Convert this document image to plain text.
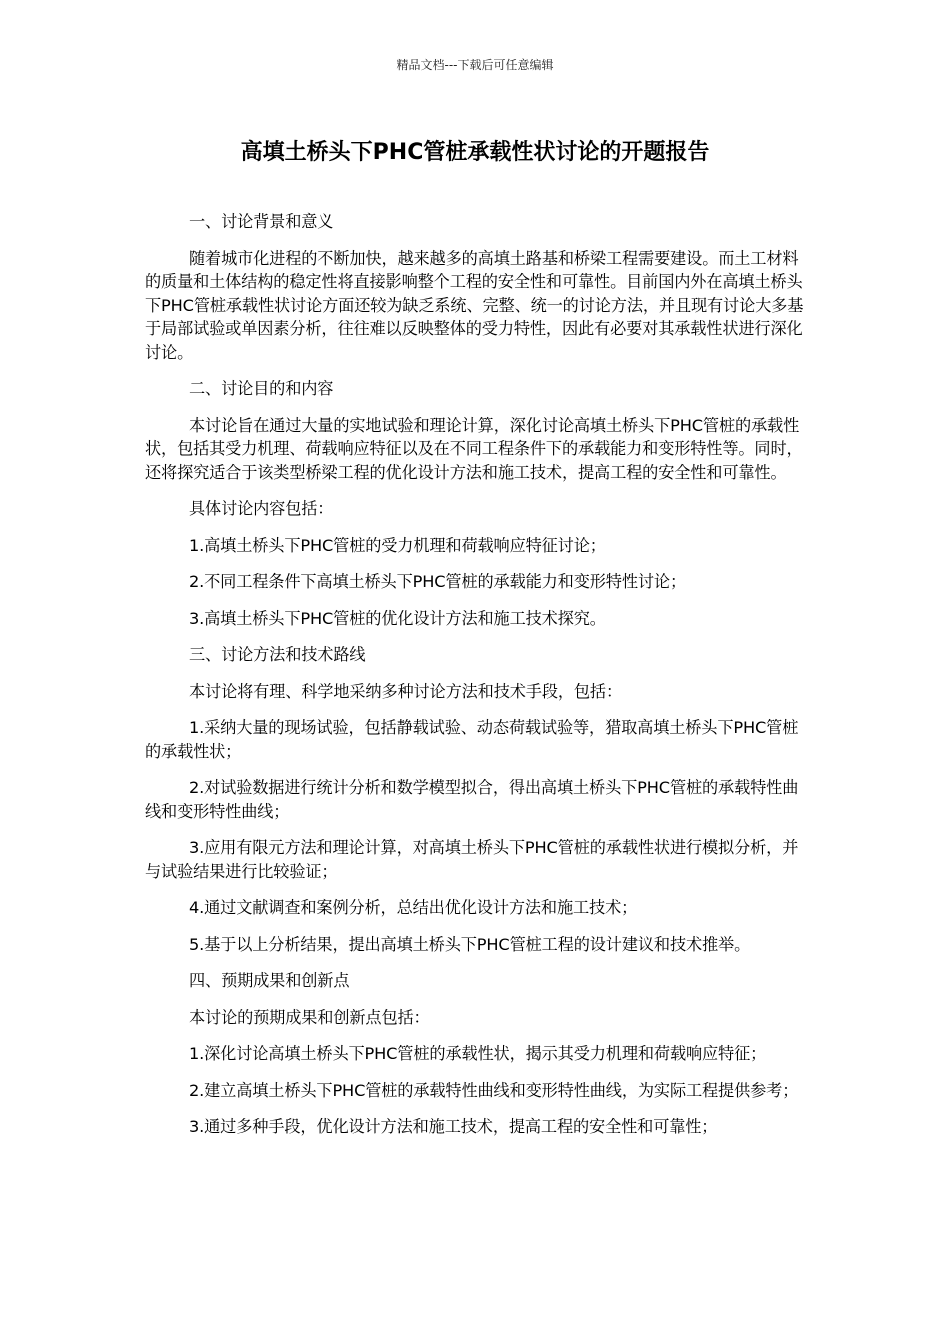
精品文档---下载后可任意编辑
高填土桥头下PHC管桩承载性状讨论的开题报告

一、讨论背景和意义

随着城市化进程的不断加快，越来越多的高填土路基和桥梁工程需要建设。而土工材料的质量和土体结构的稳定性将直接影响整个工程的安全性和可靠性。目前国内外在高填土桥头下PHC管桩承载性状讨论方面还较为缺乏系统、完整、统一的讨论方法，并且现有讨论大多基于局部试验或单因素分析，往往难以反映整体的受力特性，因此有必要对其承载性状进行深化讨论。

二、讨论目的和内容

本讨论旨在通过大量的实地试验和理论计算，深化讨论高填土桥头下PHC管桩的承载性状，包括其受力机理、荷载响应特征以及在不同工程条件下的承载能力和变形特性等。同时，还将探究适合于该类型桥梁工程的优化设计方法和施工技术，提高工程的安全性和可靠性。

具体讨论内容包括：

1.高填土桥头下PHC管桩的受力机理和荷载响应特征讨论；

2.不同工程条件下高填土桥头下PHC管桩的承载能力和变形特性讨论；

3.高填土桥头下PHC管桩的优化设计方法和施工技术探究。

三、讨论方法和技术路线

本讨论将有理、科学地采纳多种讨论方法和技术手段，包括：

1.采纳大量的现场试验，包括静载试验、动态荷载试验等，猎取高填土桥头下PHC管桩的承载性状；

2.对试验数据进行统计分析和数学模型拟合，得出高填土桥头下PHC管桩的承载特性曲线和变形特性曲线；

3.应用有限元方法和理论计算，对高填土桥头下PHC管桩的承载性状进行模拟分析，并与试验结果进行比较验证；

4.通过文献调查和案例分析，总结出优化设计方法和施工技术；

5.基于以上分析结果，提出高填土桥头下PHC管桩工程的设计建议和技术推举。

四、预期成果和创新点

本讨论的预期成果和创新点包括：

1.深化讨论高填土桥头下PHC管桩的承载性状，揭示其受力机理和荷载响应特征；

2.建立高填土桥头下PHC管桩的承载特性曲线和变形特性曲线，为实际工程提供参考；

3.通过多种手段，优化设计方法和施工技术，提高工程的安全性和可靠性；
